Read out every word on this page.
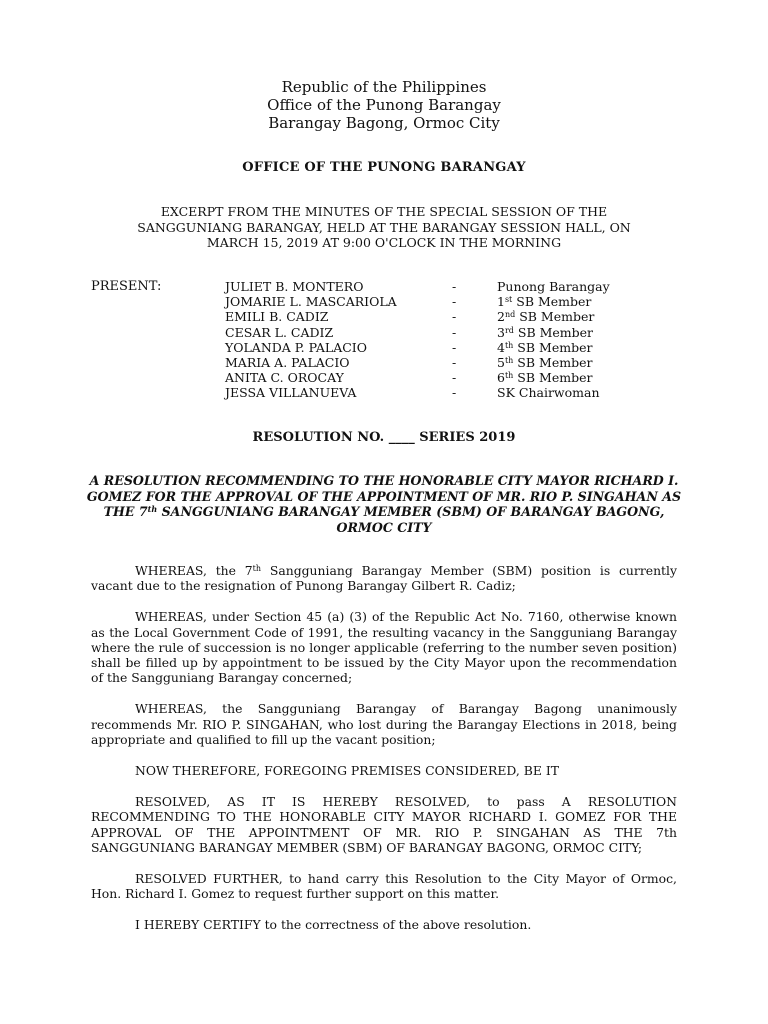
Republic of the Philippines
Office of the Punong Barangay
Barangay Bagong, Ormoc City
OFFICE OF THE PUNONG BARANGAY
EXCERPT FROM THE MINUTES OF THE SPECIAL SESSION OF THE SANGGUNIANG BARANGAY, HELD AT THE BARANGAY SESSION HALL, ON MARCH 15, 2019 AT 9:00 O'CLOCK IN THE MORNING
PRESENT:	JULIET B. MONTERO	-	Punong Barangay
JOMARIE L. MASCARIOLA	-	1st SB Member
EMILI B. CADIZ	-	2nd SB Member
CESAR L. CADIZ	-	3rd SB Member
YOLANDA P. PALACIO	-	4th SB Member
MARIA A. PALACIO	-	5th SB Member
ANITA C. OROCAY	-	6th SB Member
JESSA VILLANUEVA	-	SK Chairwoman
RESOLUTION NO. ____ SERIES 2019
A RESOLUTION RECOMMENDING TO THE HONORABLE CITY MAYOR RICHARD I. GOMEZ FOR THE APPROVAL OF THE APPOINTMENT OF MR. RIO P. SINGAHAN AS THE 7th SANGGUNIANG BARANGAY MEMBER (SBM) OF BARANGAY BAGONG, ORMOC CITY

WHEREAS, the 7th Sangguniang Barangay Member (SBM) position is currently vacant due to the resignation of Punong Barangay Gilbert R. Cadiz;

WHEREAS, under Section 45 (a) (3) of the Republic Act No. 7160, otherwise known as the Local Government Code of 1991, the resulting vacancy in the Sangguniang Barangay where the rule of succession is no longer applicable (referring to the number seven position) shall be filled up by appointment to be issued by the City Mayor upon the recommendation of the Sangguniang Barangay concerned;

WHEREAS, the Sangguniang Barangay of Barangay Bagong unanimously recommends Mr. RIO P. SINGAHAN, who lost during the Barangay Elections in 2018, being appropriate and qualified to fill up the vacant position;

NOW THEREFORE, FOREGOING PREMISES CONSIDERED, BE IT

RESOLVED, AS IT IS HEREBY RESOLVED, to pass A RESOLUTION RECOMMENDING TO THE HONORABLE CITY MAYOR RICHARD I. GOMEZ FOR THE APPROVAL OF THE APPOINTMENT OF MR. RIO P. SINGAHAN AS THE 7th SANGGUNIANG BARANGAY MEMBER (SBM) OF BARANGAY BAGONG, ORMOC CITY;

RESOLVED FURTHER, to hand carry this Resolution to the City Mayor of Ormoc, Hon. Richard I. Gomez to request further support on this matter.

I HEREBY CERTIFY to the correctness of the above resolution.
